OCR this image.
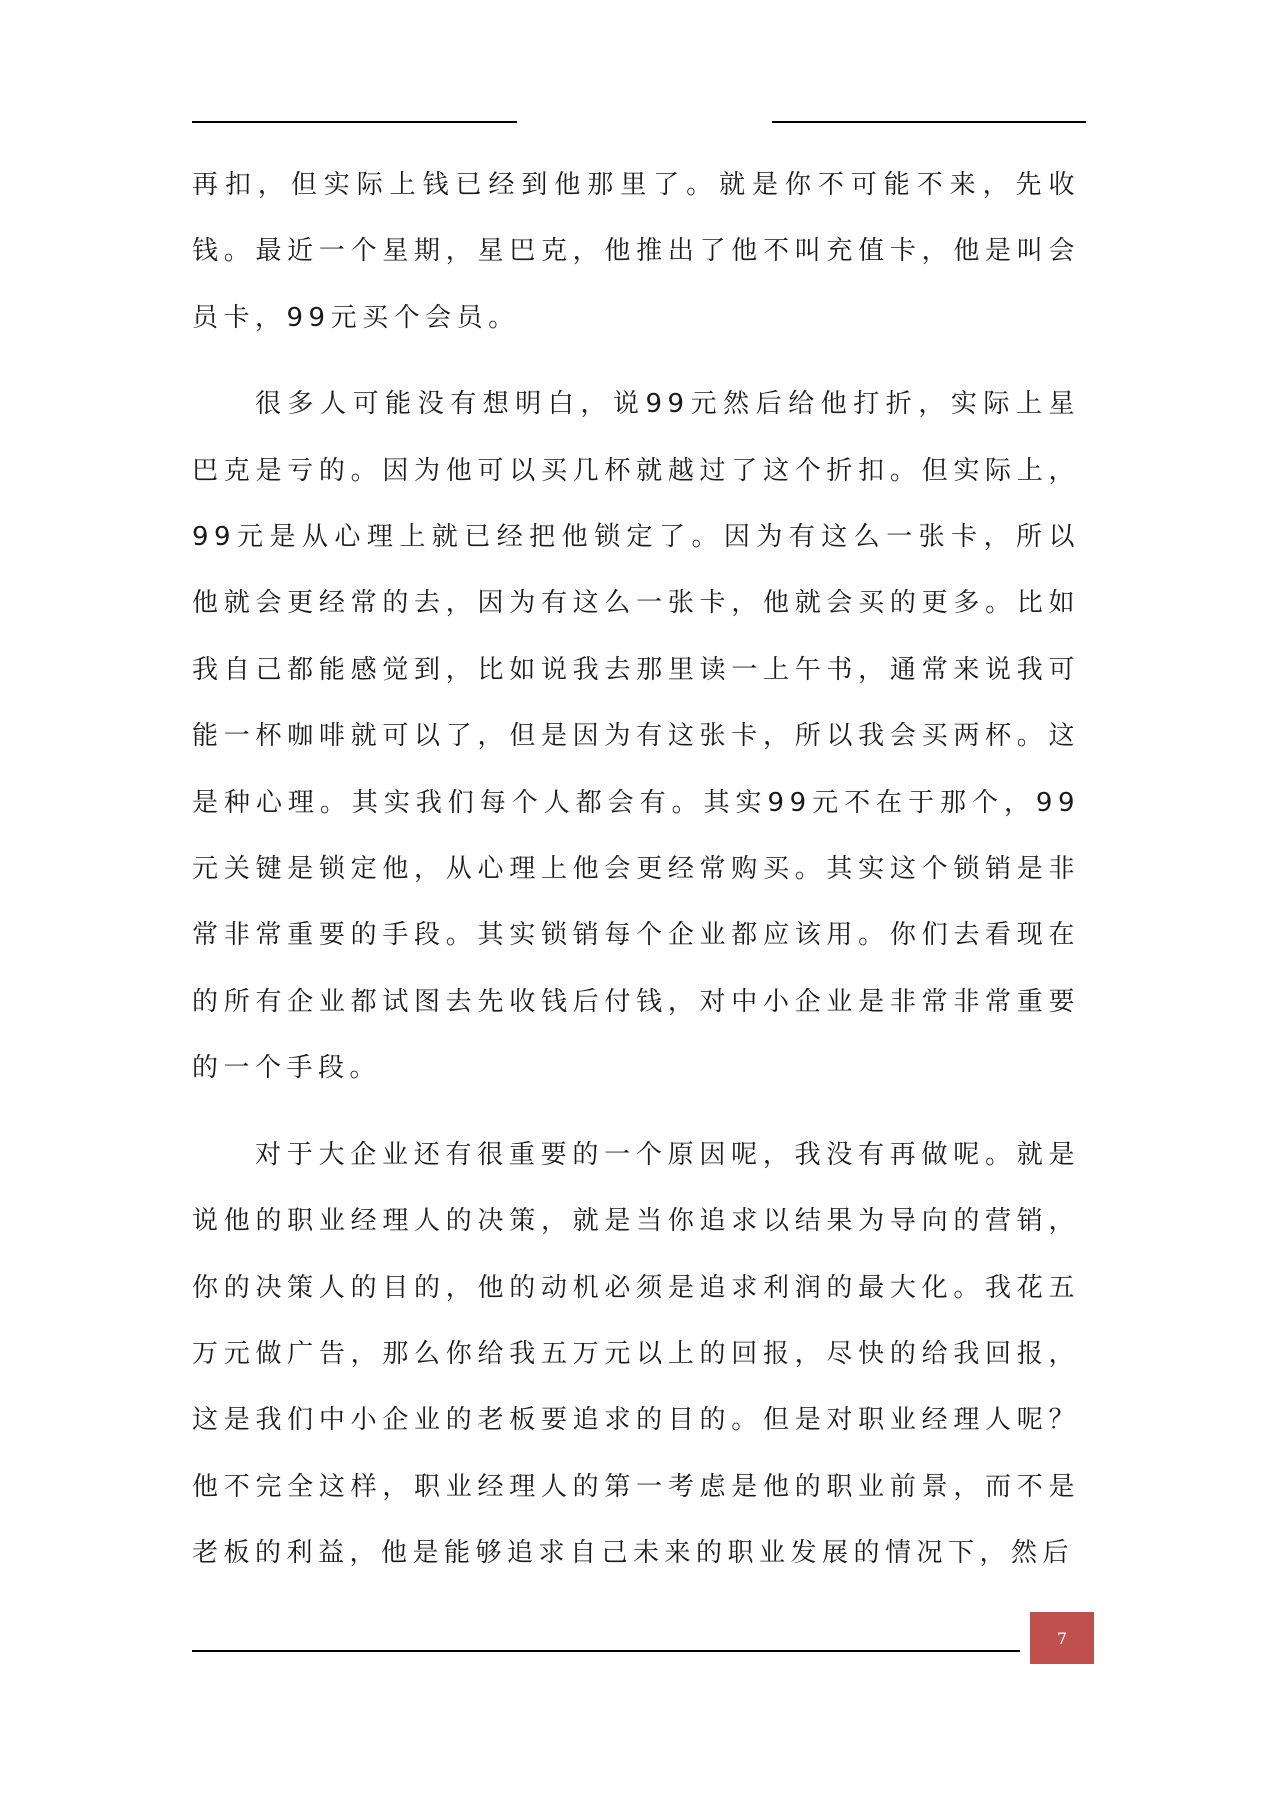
再扣，但实际上钱已经到他那里了。就是你不可能不来，先收钱。最近一个星期，星巴克，他推出了他不叫充值卡，他是叫会员卡，99元买个会员。

很多人可能没有想明白，说99元然后给他打折，实际上星巴克是亏的。因为他可以买几杯就越过了这个折扣。但实际上，99元是从心理上就已经把他锁定了。因为有这么一张卡，所以他就会更经常的去，因为有这么一张卡，他就会买的更多。比如我自己都能感觉到，比如说我去那里读一上午书，通常来说我可能一杯咖啡就可以了，但是因为有这张卡，所以我会买两杯。这是种心理。其实我们每个人都会有。其实99元不在于那个，99元关键是锁定他，从心理上他会更经常购买。其实这个锁销是非常非常重要的手段。其实锁销每个企业都应该用。你们去看现在的所有企业都试图去先收钱后付钱，对中小企业是非常非常重要的一个手段。

对于大企业还有很重要的一个原因呢，我没有再做呢。就是说他的职业经理人的决策，就是当你追求以结果为导向的营销，你的决策人的目的，他的动机必须是追求利润的最大化。我花五万元做广告，那么你给我五万元以上的回报，尽快的给我回报，这是我们中小企业的老板要追求的目的。但是对职业经理人呢？他不完全这样，职业经理人的第一考虑是他的职业前景，而不是老板的利益，他是能够追求自己未来的职业发展的情况下，然后

7
